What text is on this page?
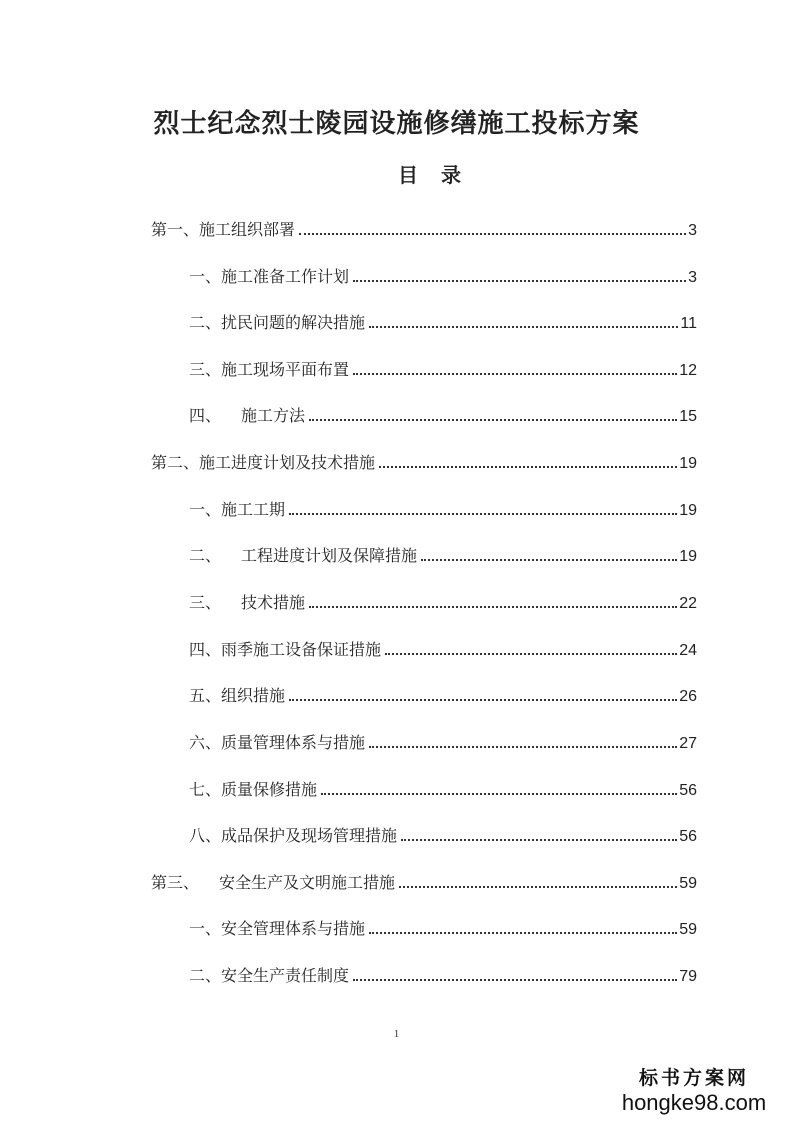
烈士纪念烈士陵园设施修缮施工投标方案
目 录
第一、施工组织部署	3
一、施工准备工作计划	3
二、扰民问题的解决措施	11
三、施工现场平面布置	12
四、 施工方法	15
第二、施工进度计划及技术措施	19
一、施工工期	19
二、 工程进度计划及保障措施	19
三、 技术措施	22
四、雨季施工设备保证措施	24
五、组织措施	26
六、质量管理体系与措施	27
七、质量保修措施	56
八、成品保护及现场管理措施	56
第三、 安全生产及文明施工措施	59
一、安全管理体系与措施	59
二、安全生产责任制度	79
1
标书方案网
hongke98.com
